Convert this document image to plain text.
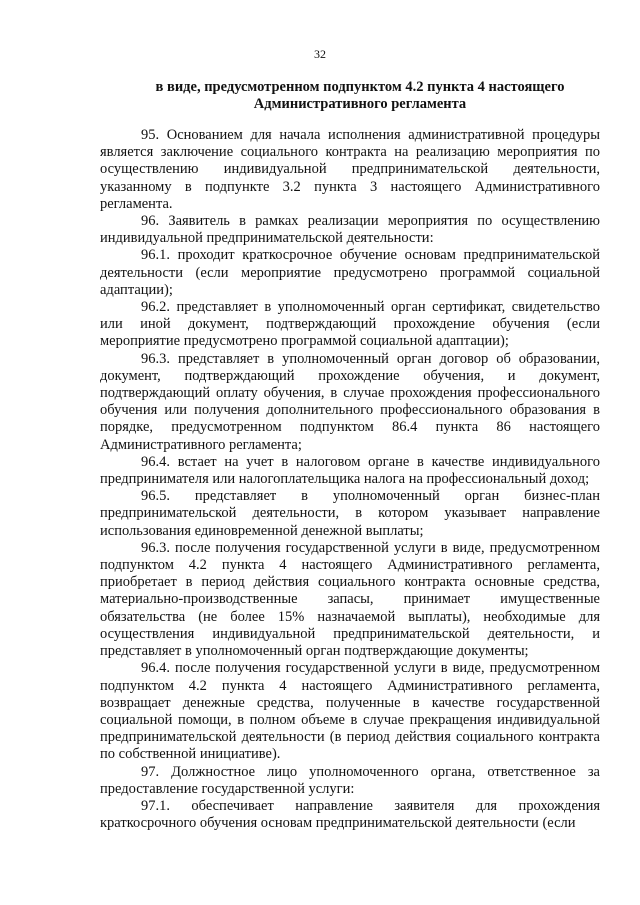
32
в виде, предусмотренном подпунктом 4.2 пункта 4 настоящего
Административного регламента

95. Основанием для начала исполнения административной процедуры является заключение социального контракта на реализацию мероприятия по осуществлению индивидуальной предпринимательской деятельности, указанному в подпункте 3.2 пункта 3 настоящего Административного регламента.

96. Заявитель в рамках реализации мероприятия по осуществлению индивидуальной предпринимательской деятельности:

96.1. проходит краткосрочное обучение основам предпринимательской деятельности (если мероприятие предусмотрено программой социальной адаптации);

96.2. представляет в уполномоченный орган сертификат, свидетельство или иной документ, подтверждающий прохождение обучения (если мероприятие предусмотрено программой социальной адаптации);

96.3. представляет в уполномоченный орган договор об образовании, документ, подтверждающий прохождение обучения, и документ, подтверждающий оплату обучения, в случае прохождения профессионального обучения или получения дополнительного профессионального образования в порядке, предусмотренном подпунктом 86.4 пункта 86 настоящего Административного регламента;

96.4. встает на учет в налоговом органе в качестве индивидуального предпринимателя или налогоплательщика налога на профессиональный доход;

96.5. представляет в уполномоченный орган бизнес-план предпринимательской деятельности, в котором указывает направление использования единовременной денежной выплаты;

96.3. после получения государственной услуги в виде, предусмотренном подпунктом 4.2 пункта 4 настоящего Административного регламента, приобретает в период действия социального контракта основные средства, материально-производственные запасы, принимает имущественные обязательства (не более 15% назначаемой выплаты), необходимые для осуществления индивидуальной предпринимательской деятельности, и представляет в уполномоченный орган подтверждающие документы;

96.4. после получения государственной услуги в виде, предусмотренном подпунктом 4.2 пункта 4 настоящего Административного регламента, возвращает денежные средства, полученные в качестве государственной социальной помощи, в полном объеме в случае прекращения индивидуальной предпринимательской деятельности (в период действия социального контракта по собственной инициативе).

97. Должностное лицо уполномоченного органа, ответственное за предоставление государственной услуги:

97.1. обеспечивает направление заявителя для прохождения краткосрочного обучения основам предпринимательской деятельности (если
